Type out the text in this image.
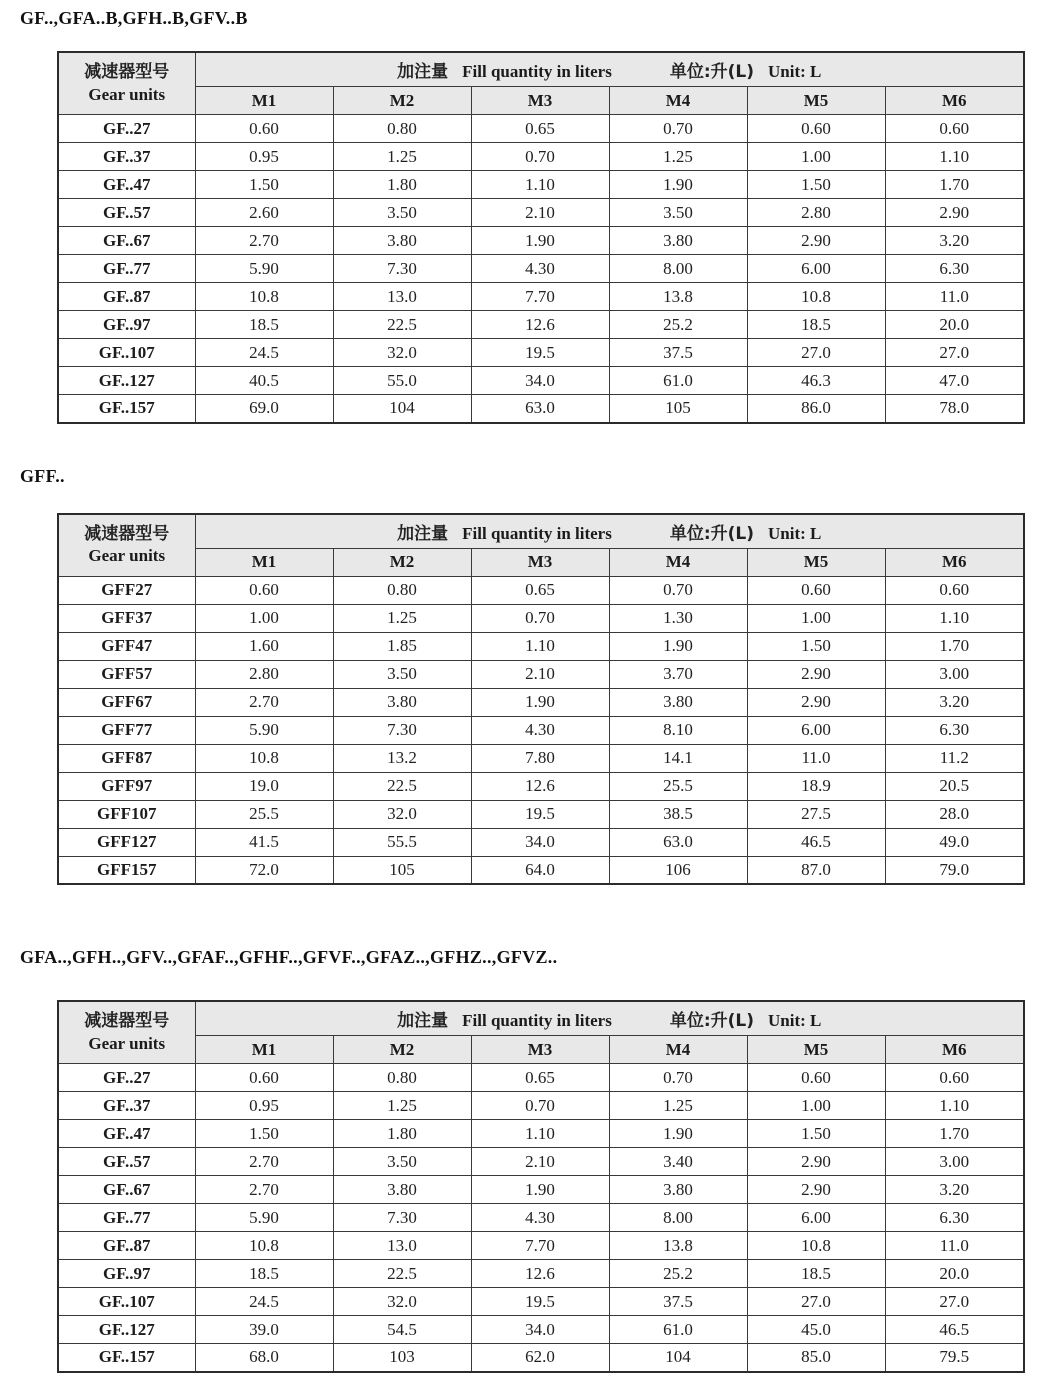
GF..,GFA..B,GFH..B,GFV..B
减速器型号
Gear units	加注量 Fill quantity in liters 单位:升(L) Unit: L					
	M1	M2	M3	M4	M5	M6
GF..27	0.60	0.80	0.65	0.70	0.60	0.60
GF..37	0.95	1.25	0.70	1.25	1.00	1.10
GF..47	1.50	1.80	1.10	1.90	1.50	1.70
GF..57	2.60	3.50	2.10	3.50	2.80	2.90
GF..67	2.70	3.80	1.90	3.80	2.90	3.20
GF..77	5.90	7.30	4.30	8.00	6.00	6.30
GF..87	10.8	13.0	7.70	13.8	10.8	11.0
GF..97	18.5	22.5	12.6	25.2	18.5	20.0
GF..107	24.5	32.0	19.5	37.5	27.0	27.0
GF..127	40.5	55.0	34.0	61.0	46.3	47.0
GF..157	69.0	104	63.0	105	86.0	78.0
GFF..
减速器型号
Gear units	加注量 Fill quantity in liters 单位:升(L) Unit: L					
	M1	M2	M3	M4	M5	M6
GFF27	0.60	0.80	0.65	0.70	0.60	0.60
GFF37	1.00	1.25	0.70	1.30	1.00	1.10
GFF47	1.60	1.85	1.10	1.90	1.50	1.70
GFF57	2.80	3.50	2.10	3.70	2.90	3.00
GFF67	2.70	3.80	1.90	3.80	2.90	3.20
GFF77	5.90	7.30	4.30	8.10	6.00	6.30
GFF87	10.8	13.2	7.80	14.1	11.0	11.2
GFF97	19.0	22.5	12.6	25.5	18.9	20.5
GFF107	25.5	32.0	19.5	38.5	27.5	28.0
GFF127	41.5	55.5	34.0	63.0	46.5	49.0
GFF157	72.0	105	64.0	106	87.0	79.0
GFA..,GFH..,GFV..,GFAF..,GFHF..,GFVF..,GFAZ..,GFHZ..,GFVZ..
减速器型号
Gear units	加注量 Fill quantity in liters 单位:升(L) Unit: L					
	M1	M2	M3	M4	M5	M6
GF..27	0.60	0.80	0.65	0.70	0.60	0.60
GF..37	0.95	1.25	0.70	1.25	1.00	1.10
GF..47	1.50	1.80	1.10	1.90	1.50	1.70
GF..57	2.70	3.50	2.10	3.40	2.90	3.00
GF..67	2.70	3.80	1.90	3.80	2.90	3.20
GF..77	5.90	7.30	4.30	8.00	6.00	6.30
GF..87	10.8	13.0	7.70	13.8	10.8	11.0
GF..97	18.5	22.5	12.6	25.2	18.5	20.0
GF..107	24.5	32.0	19.5	37.5	27.0	27.0
GF..127	39.0	54.5	34.0	61.0	45.0	46.5
GF..157	68.0	103	62.0	104	85.0	79.5
